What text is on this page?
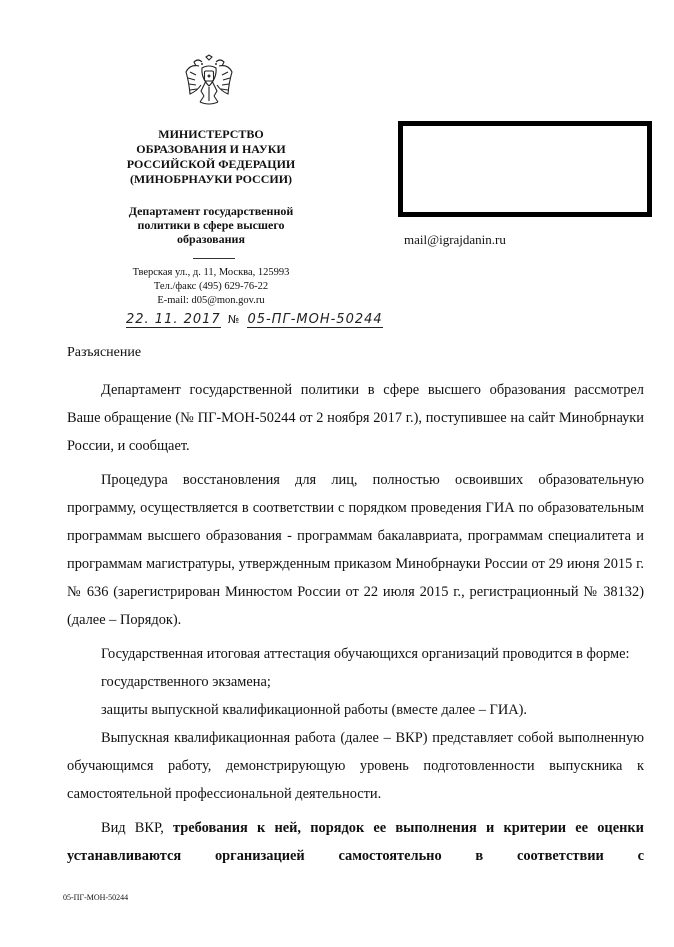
МИНИСТЕРСТВО
ОБРАЗОВАНИЯ И НАУКИ
РОССИЙСКОЙ ФЕДЕРАЦИИ
(МИНОБРНАУКИ РОССИИ)
Департамент государственной
политики в сфере высшего
образования
Тверская ул., д. 11, Москва, 125993
Тел./факс (495) 629-76-22
E-mail: d05@mon.gov.ru
mail@igrajdanin.ru
22. 11. 2017 № 05-ПГ-МОН-50244
Разъяснение

Департамент государственной политики в сфере высшего образования рассмотрел Ваше обращение (№ ПГ-МОН-50244 от 2 ноября 2017 г.), поступившее на сайт Минобрнауки России, и сообщает.

Процедура восстановления для лиц, полностью освоивших образовательную программу, осуществляется в соответствии с порядком проведения ГИА по образовательным программам высшего образования - программам бакалавриата, программам специалитета и программам магистратуры, утвержденным приказом Минобрнауки России от 29 июня 2015 г. № 636 (зарегистрирован Минюстом России от 22 июля 2015 г., регистрационный № 38132) (далее – Порядок).

Государственная итоговая аттестация обучающихся организаций проводится в форме:

государственного экзамена;

защиты выпускной квалификационной работы (вместе далее – ГИА).

Выпускная квалификационная работа (далее – ВКР) представляет собой выполненную обучающимся работу, демонстрирующую уровень подготовленности выпускника к самостоятельной профессиональной деятельности.

Вид ВКР, требования к ней, порядок ее выполнения и критерии ее оценки устанавливаются организацией самостоятельно в соответствии с

05-ПГ-МОН-50244
